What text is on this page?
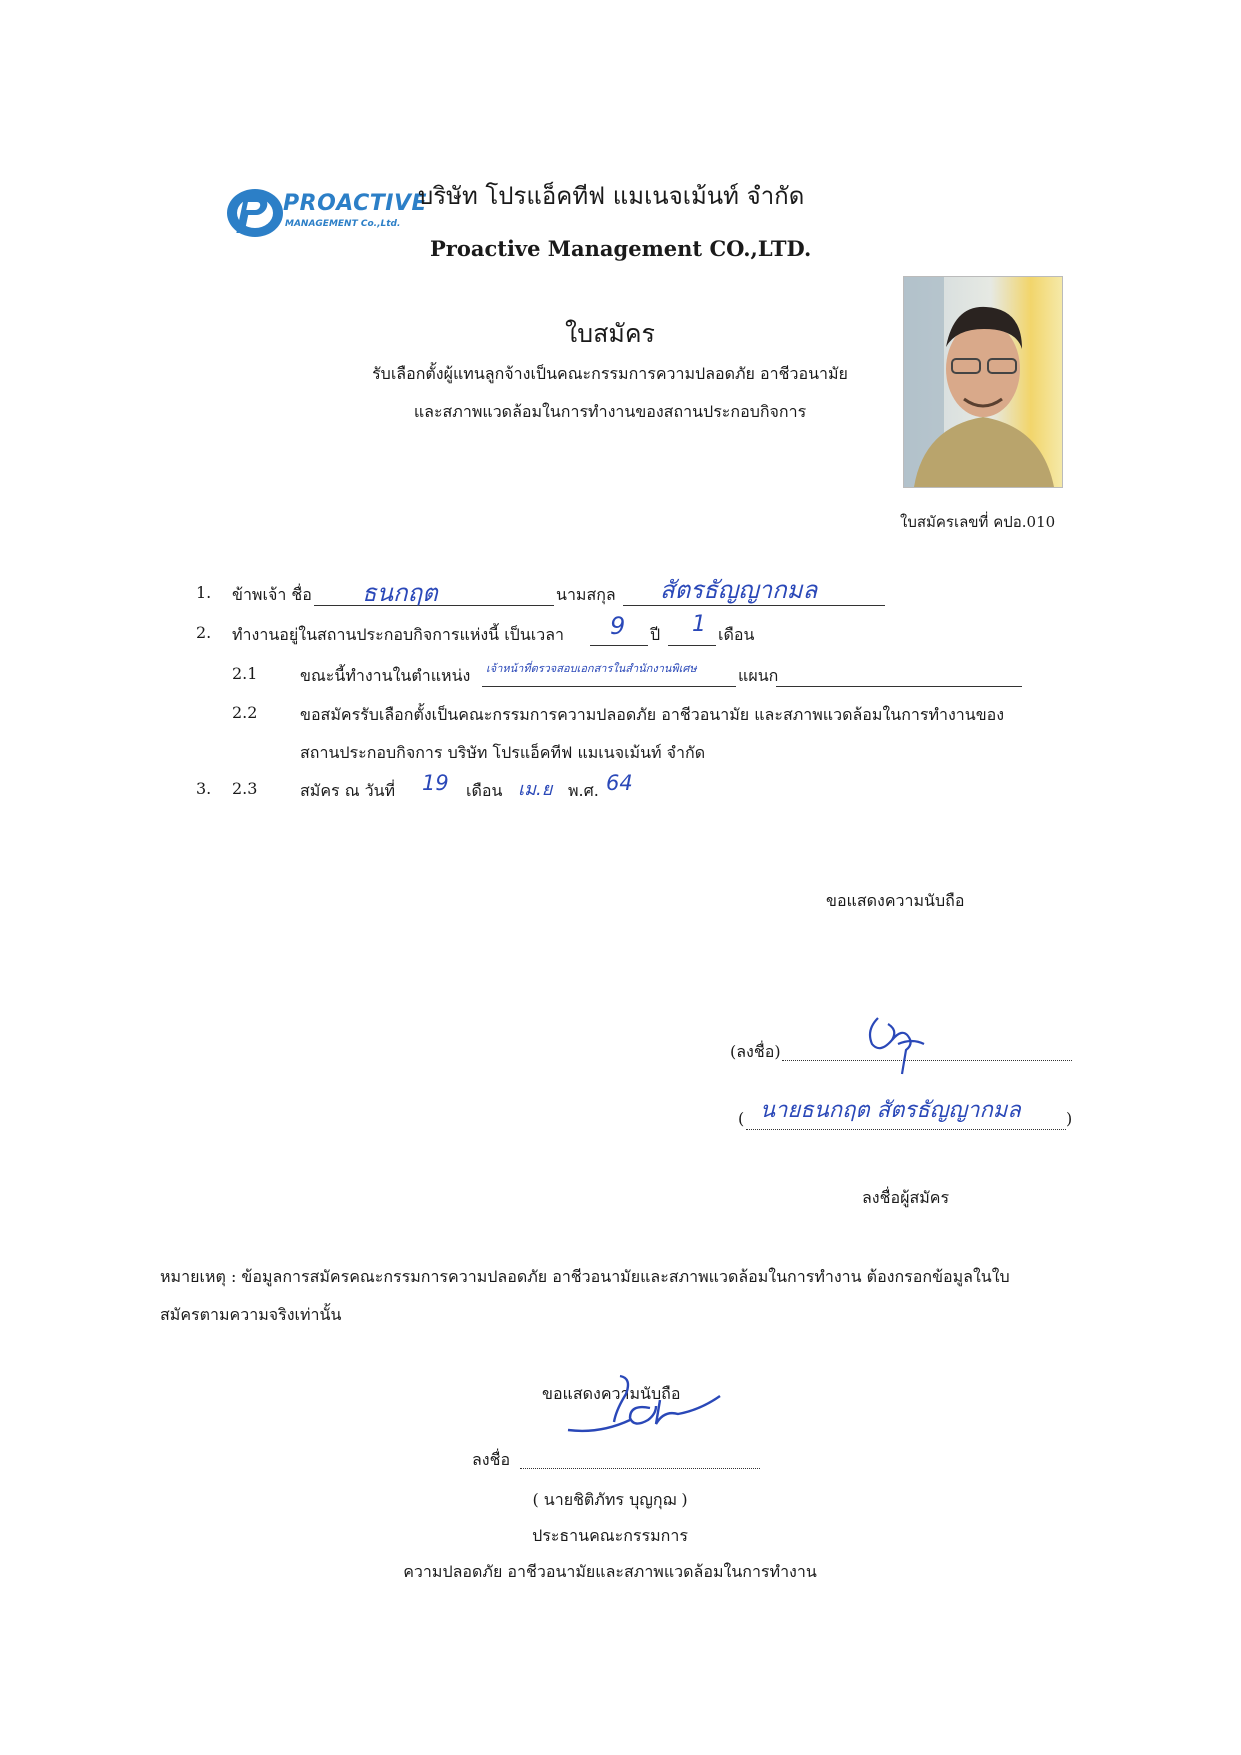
PROACTIVE
MANAGEMENT Co.,Ltd.
บริษัท โปรแอ็คทีฟ แมเนจเม้นท์ จำกัด
Proactive Management CO.,LTD.
ใบสมัคร
รับเลือกตั้งผู้แทนลูกจ้างเป็นคณะกรรมการความปลอดภัย อาชีวอนามัย
และสภาพแวดล้อมในการทำงานของสถานประกอบกิจการ
ใบสมัครเลขที่ คปอ.010
1. ข้าพเจ้า ชื่อ ธนกฤต	นามสกุล สัตรธัญญากมล
2. ทำงานอยู่ในสถานประกอบกิจการแห่งนี้ เป็นเวลา 9 ปี 1 เดือน
2.1	ขณะนี้ทำงานในตำแหน่ง เจ้าหน้าที่ตรวจสอบเอกสารในสำนักงานพิเศษ	แผนก
2.2	ขอสมัครรับเลือกตั้งเป็นคณะกรรมการความปลอดภัย อาชีวอนามัย และสภาพแวดล้อมในการทำงานของ
สถานประกอบกิจการ บริษัท โปรแอ็คทีฟ แมเนจเม้นท์ จำกัด
3. 2.3	สมัคร ณ วันที่ 19 เดือน เม.ย พ.ศ. 64
ขอแสดงความนับถือ
(ลงชื่อ)
( นายธนกฤต สัตรธัญญากมล	)
ลงชื่อผู้สมัคร
หมายเหตุ : ข้อมูลการสมัครคณะกรรมการความปลอดภัย อาชีวอนามัยและสภาพแวดล้อมในการทำงาน ต้องกรอกข้อมูลในใบ
สมัครตามความจริงเท่านั้น
ขอแสดงความนับถือ
ลงชื่อ
( นายชิติภัทร บุญกุฌ )
ประธานคณะกรรมการ
ความปลอดภัย อาชีวอนามัยและสภาพแวดล้อมในการทำงาน
